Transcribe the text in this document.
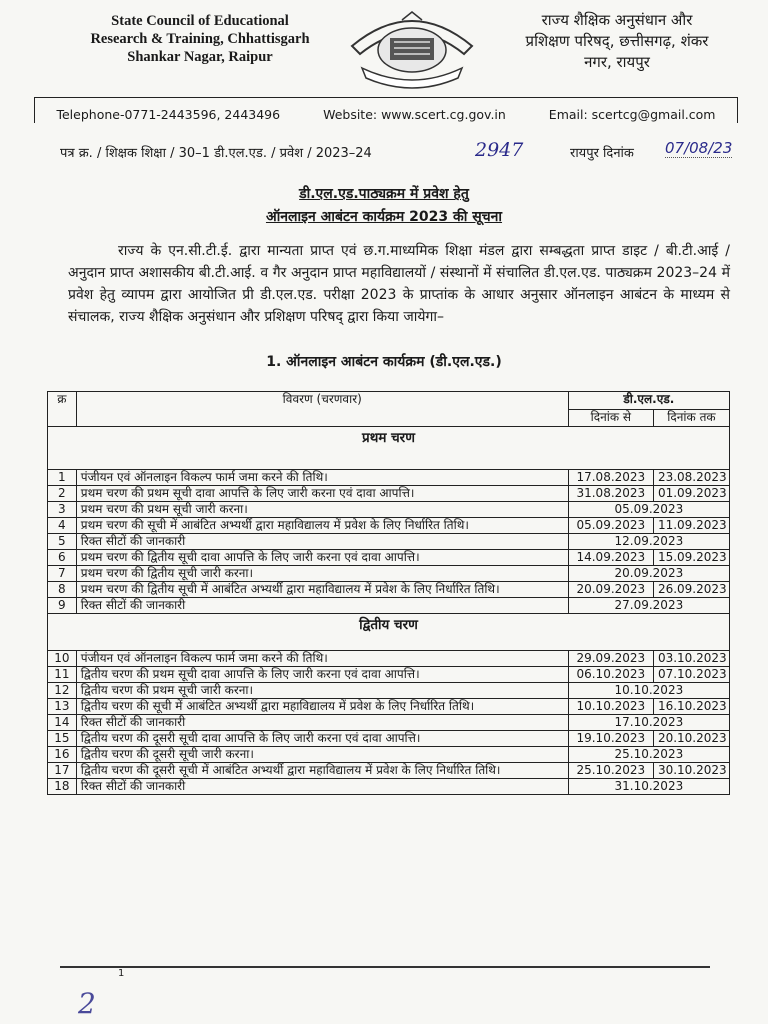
State Council of Educational
Research & Training, Chhattisgarh
Shankar Nagar, Raipur
राज्य शैक्षिक अनुसंधान और
प्रशिक्षण परिषद्, छत्तीसगढ़, शंकर
नगर, रायपुर
Telephone-0771-2443596, 2443496	Website: www.scert.cg.gov.in	Email: scertcg@gmail.com
पत्र क्र. / शिक्षक शिक्षा / 30–1 डी.एल.एड. / प्रवेश / 2023–24	2947	रायपुर दिनांक 07/08/23
डी.एल.एड.पाठ्यक्रम में प्रवेश हेतु
ऑनलाइन आबंटन कार्यक्रम 2023 की सूचना
राज्य के एन.सी.टी.ई. द्वारा मान्यता प्राप्त एवं छ.ग.माध्यमिक शिक्षा मंडल द्वारा सम्बद्धता प्राप्त डाइट / बी.टी.आई / अनुदान प्राप्त अशासकीय बी.टी.आई. व गैर अनुदान प्राप्त महाविद्यालयों / संस्थानों में संचालित डी.एल.एड. पाठ्यक्रम 2023–24 में प्रवेश हेतु व्यापम द्वारा आयोजित प्री डी.एल.एड. परीक्षा 2023 के प्राप्तांक के आधार अनुसार ऑनलाइन आबंटन के माध्यम से संचालक, राज्य शैक्षिक अनुसंधान और प्रशिक्षण परिषद् द्वारा किया जायेगा–
1. ऑनलाइन आबंटन कार्यक्रम (डी.एल.एड.)
क्र	विवरण (चरणवार)	डी.एल.एड.	
		दिनांक से	दिनांक तक
प्रथम चरण			
1	पंजीयन एवं ऑनलाइन विकल्प फार्म जमा करने की तिथि।	17.08.2023	23.08.2023
2	प्रथम चरण की प्रथम सूची दावा आपत्ति के लिए जारी करना एवं दावा आपत्ति।	31.08.2023	01.09.2023
3	प्रथम चरण की प्रथम सूची जारी करना।	05.09.2023	
4	प्रथम चरण की सूची में आबंटित अभ्यर्थी द्वारा महाविद्यालय में प्रवेश के लिए निर्धारित तिथि।	05.09.2023	11.09.2023
5	रिक्त सीटों की जानकारी	12.09.2023	
6	प्रथम चरण की द्वितीय सूची दावा आपत्ति के लिए जारी करना एवं दावा आपत्ति।	14.09.2023	15.09.2023
7	प्रथम चरण की द्वितीय सूची जारी करना।	20.09.2023	
8	प्रथम चरण की द्वितीय सूची में आबंटित अभ्यर्थी द्वारा महाविद्यालय में प्रवेश के लिए निर्धारित तिथि।	20.09.2023	26.09.2023
9	रिक्त सीटों की जानकारी	27.09.2023	
द्वितीय चरण			
10	पंजीयन एवं ऑनलाइन विकल्प फार्म जमा करने की तिथि।	29.09.2023	03.10.2023
11	द्वितीय चरण की प्रथम सूची दावा आपत्ति के लिए जारी करना एवं दावा आपत्ति।	06.10.2023	07.10.2023
12	द्वितीय चरण की प्रथम सूची जारी करना।	10.10.2023	
13	द्वितीय चरण की सूची में आबंटित अभ्यर्थी द्वारा महाविद्यालय में प्रवेश के लिए निर्धारित तिथि।	10.10.2023	16.10.2023
14	रिक्त सीटों की जानकारी	17.10.2023	
15	द्वितीय चरण की दूसरी सूची दावा आपत्ति के लिए जारी करना एवं दावा आपत्ति।	19.10.2023	20.10.2023
16	द्वितीय चरण की दूसरी सूची जारी करना।	25.10.2023	
17	द्वितीय चरण की दूसरी सूची में आबंटित अभ्यर्थी द्वारा महाविद्यालय में प्रवेश के लिए निर्धारित तिथि।	25.10.2023	30.10.2023
18	रिक्त सीटों की जानकारी	31.10.2023	
1
2
